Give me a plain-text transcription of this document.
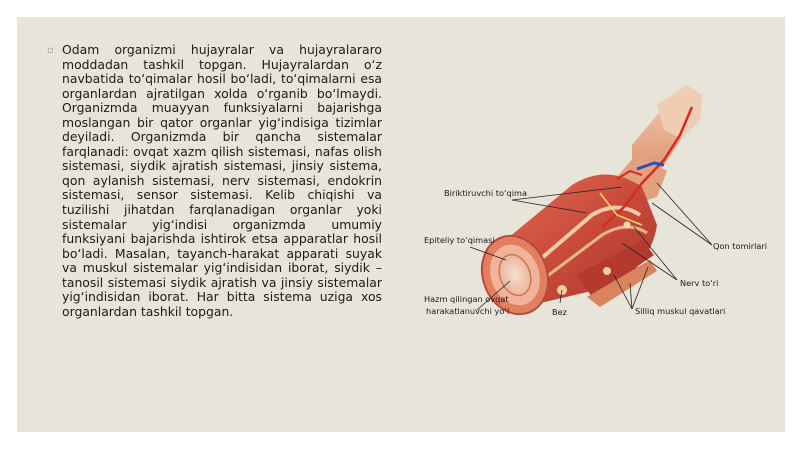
▫ Odam organizmi hujayralar va hujayralararo moddadan tashkil topgan. Hujayralardan o‘z navbatida to‘qimalar hosil bo‘ladi, to‘qimalarni esa organlardan ajratilgan xolda o‘rganib bo‘lmaydi. Organizmda muayyan funksiyalarni bajarishga moslangan bir qator organlar yig‘indisiga tizimlar deyiladi. Organizmda bir qancha sistemalar farqlanadi: ovqat xazm qilish sistemasi, nafas olish sistemasi, siydik ajratish sistemasi, jinsiy sistema, qon aylanish sistemasi, nerv sistemasi, endokrin sistemasi, sensor sistemasi. Kelib chiqishi va tuzilishi jihatdan farqlanadigan organlar yoki sistemalar yig‘indisi organizmda umumiy funksiyani bajarishda ishtirok etsa apparatlar hosil bo‘ladi. Masalan, tayanch-harakat apparati suyak va muskul sistemalar yig‘indisidan iborat, siydik – tanosil sistemasi siydik ajratish va jinsiy sistemalar yig‘indisidan iborat. Har bitta sistema uziga xos organlardan tashkil topgan.

Biriktiruvchi to‘qima
Epiteliy to‘qimasi
Hazm qilingan ovqat
harakatlanuvchi yo‘l	Bez
Qon tomirlari
Nerv to‘ri
Silliq muskul qavatlari
